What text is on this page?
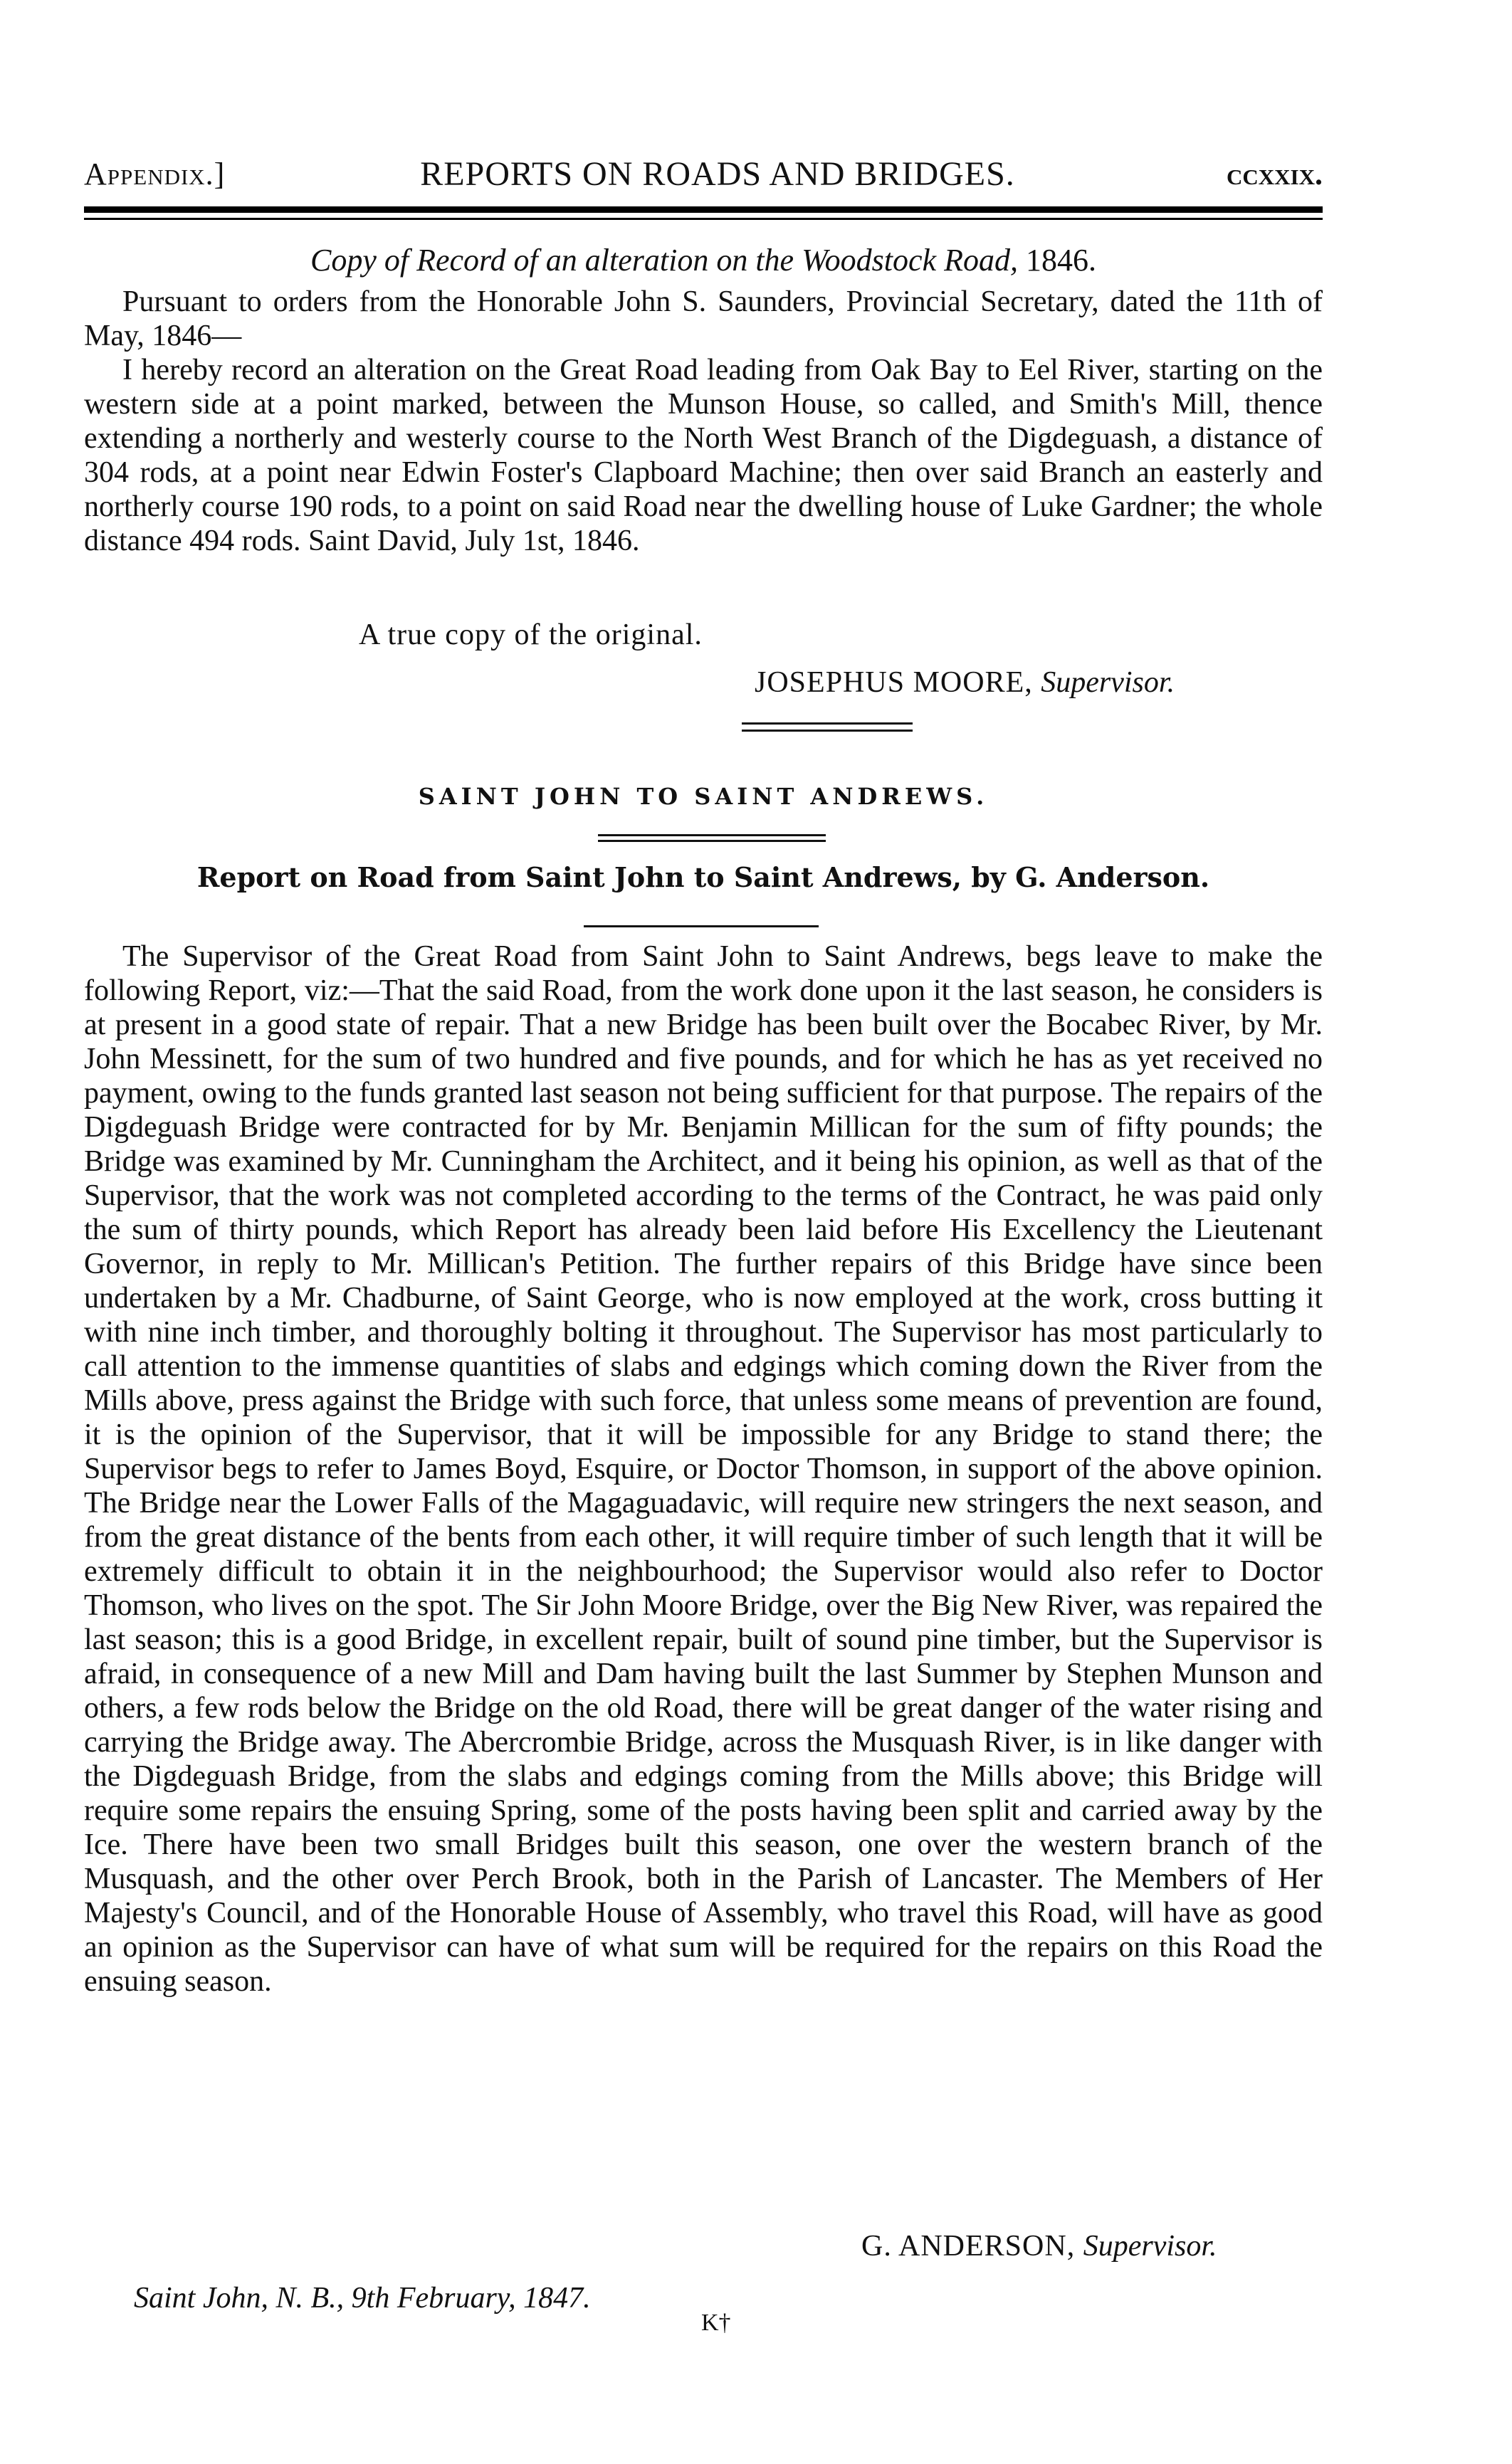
Appendix.]	REPORTS ON ROADS AND BRIDGES.	ccxxix.
Copy of Record of an alteration on the Woodstock Road, 1846.

Pursuant to orders from the Honorable John S. Saunders, Provincial Secretary, dated the 11th of May, 1846—

I hereby record an alteration on the Great Road leading from Oak Bay to Eel River, starting on the western side at a point marked, between the Munson House, so called, and Smith's Mill, thence extending a northerly and westerly course to the North West Branch of the Digdeguash, a distance of 304 rods, at a point near Edwin Foster's Clapboard Machine; then over said Branch an easterly and northerly course 190 rods, to a point on said Road near the dwelling house of Luke Gardner; the whole distance 494 rods. Saint David, July 1st, 1846.

A true copy of the original.
JOSEPHUS MOORE, Supervisor.
SAINT JOHN TO SAINT ANDREWS.
Report on Road from Saint John to Saint Andrews, by G. Anderson.

The Supervisor of the Great Road from Saint John to Saint Andrews, begs leave to make the following Report, viz:—That the said Road, from the work done upon it the last season, he considers is at present in a good state of repair. That a new Bridge has been built over the Bocabec River, by Mr. John Messinett, for the sum of two hundred and five pounds, and for which he has as yet received no payment, owing to the funds granted last season not being sufficient for that purpose. The repairs of the Digdeguash Bridge were contracted for by Mr. Benjamin Millican for the sum of fifty pounds; the Bridge was examined by Mr. Cunningham the Architect, and it being his opinion, as well as that of the Supervisor, that the work was not completed according to the terms of the Contract, he was paid only the sum of thirty pounds, which Report has already been laid before His Excellency the Lieutenant Governor, in reply to Mr. Millican's Petition. The further repairs of this Bridge have since been undertaken by a Mr. Chadburne, of Saint George, who is now employed at the work, cross butting it with nine inch timber, and thoroughly bolting it throughout. The Supervisor has most particularly to call attention to the immense quantities of slabs and edgings which coming down the River from the Mills above, press against the Bridge with such force, that unless some means of prevention are found, it is the opinion of the Supervisor, that it will be impossible for any Bridge to stand there; the Supervisor begs to refer to James Boyd, Esquire, or Doctor Thomson, in support of the above opinion. The Bridge near the Lower Falls of the Magaguadavic, will require new stringers the next season, and from the great distance of the bents from each other, it will require timber of such length that it will be extremely difficult to obtain it in the neighbourhood; the Supervisor would also refer to Doctor Thomson, who lives on the spot. The Sir John Moore Bridge, over the Big New River, was repaired the last season; this is a good Bridge, in excellent repair, built of sound pine timber, but the Supervisor is afraid, in consequence of a new Mill and Dam having built the last Summer by Stephen Munson and others, a few rods below the Bridge on the old Road, there will be great danger of the water rising and carrying the Bridge away. The Abercrombie Bridge, across the Musquash River, is in like danger with the Digdeguash Bridge, from the slabs and edgings coming from the Mills above; this Bridge will require some repairs the ensuing Spring, some of the posts having been split and carried away by the Ice. There have been two small Bridges built this season, one over the western branch of the Musquash, and the other over Perch Brook, both in the Parish of Lancaster. The Members of Her Majesty's Council, and of the Honorable House of Assembly, who travel this Road, will have as good an opinion as the Supervisor can have of what sum will be required for the repairs on this Road the ensuing season.

G. ANDERSON, Supervisor.
Saint John, N. B., 9th February, 1847.
K†
